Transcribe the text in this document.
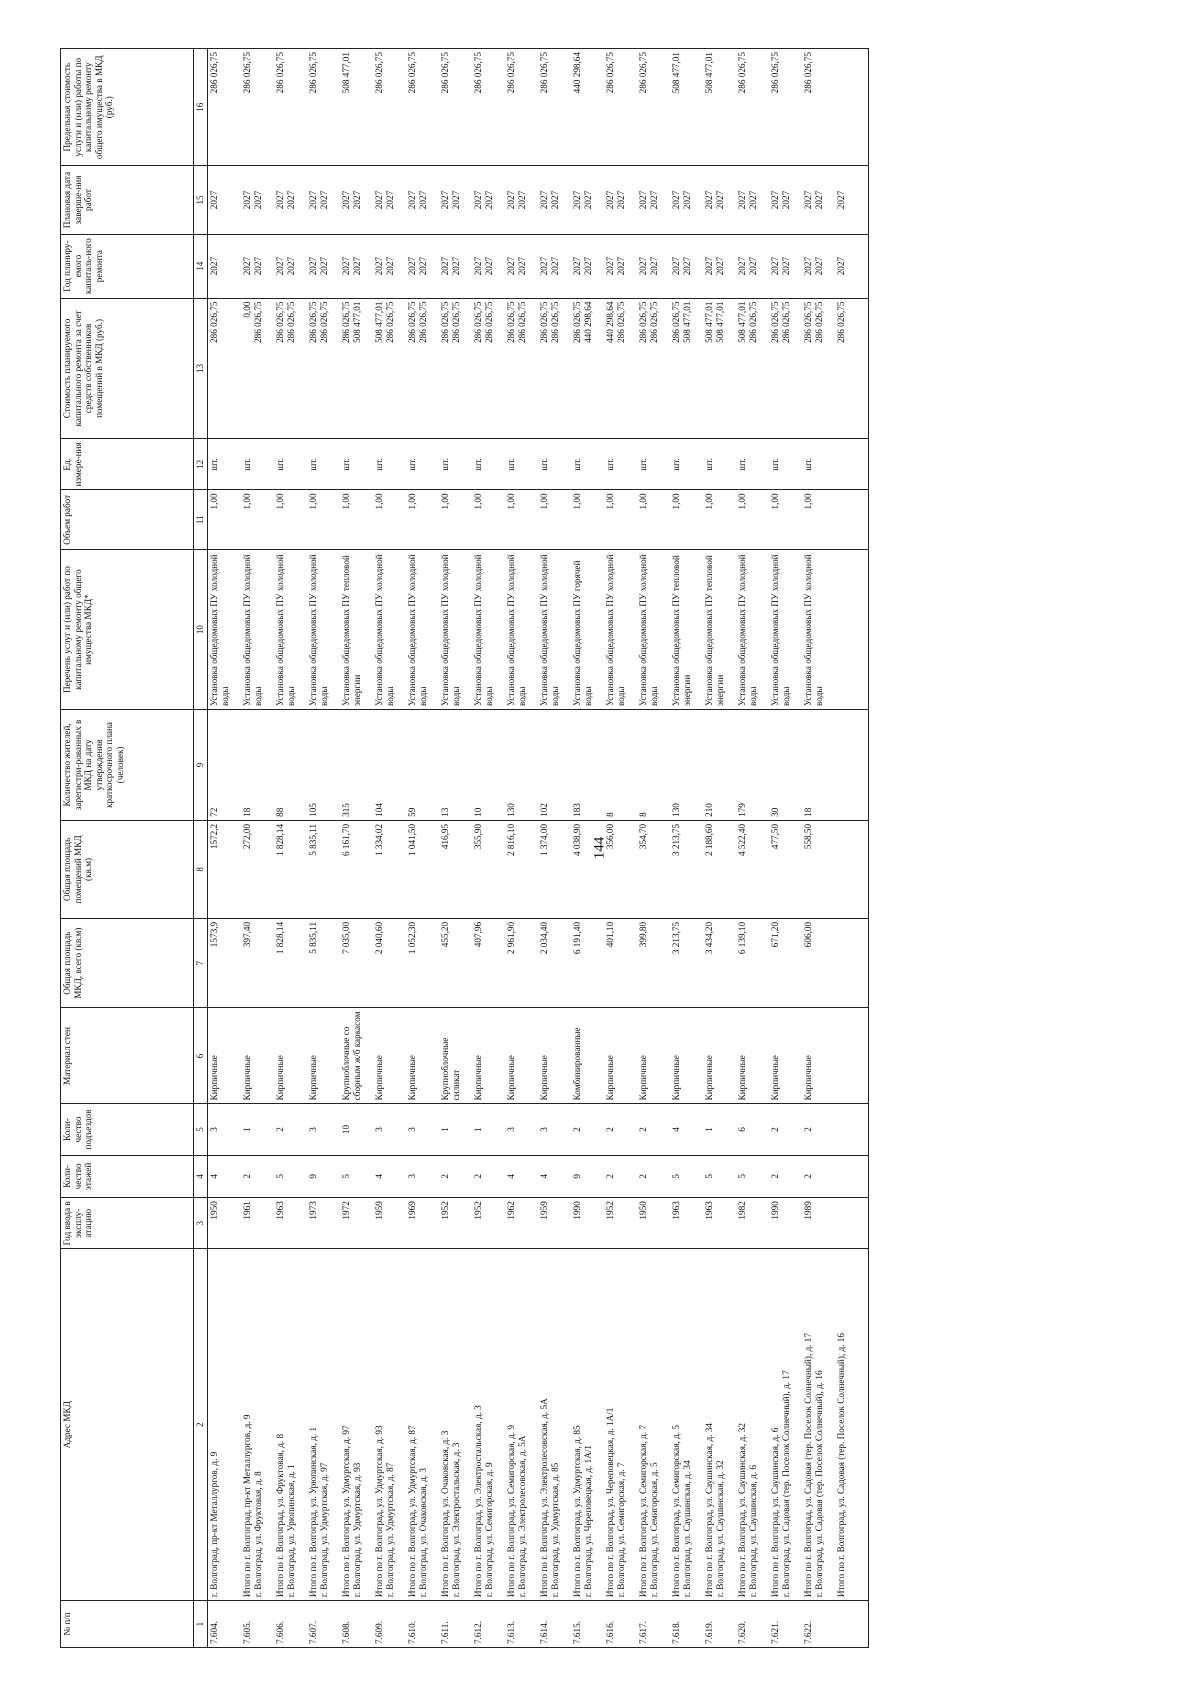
144
№ п/п	Адрес МКД	Год ввода в эксплу-атацию	Коли-чество этажей	Коли-чество подъездов	Материал стен	Общая площадь МКД, всего (кв.м)	Общая площадь помещений МКД (кв.м)	Количество жителей, зарегистри-рованных в МКД на дату утверждения краткосрочного плана (человек)	Перечень услуг и (или) работ по капитальному ремонту общего имущества МКД*	Объем работ	Ед. измере-ния	Стоимость планируемого капитального ремонта за счет средств собственников помещений в МКД (руб.)	Год планиру-емого капиталь-ного ремонта	Плановая дата заверше-ния работ	Предельная стоимость услуги и (или) работы по капитальному ремонту общего имущества в МКД (руб.)
1	2	3	4	5	6	7	8	9	10	11	12	13	14	15	16
7.604.	г. Волгоград, пр-кт Металлургов, д. 9	1950	4	3	Кирпичные	1573,9	1572,2	72	Установка общедомовых ПУ холодной воды	1,00	шт.	286 026,75	2027	2027	286 026,75
7.605.	Итого по г. Волгоград, пр-кт Металлургов, д. 9 г. Волгоград, ул. Фруктовая, д. 8	1961	2	1	Кирпичные	397,40	272,00	18	Установка общедомовых ПУ холодной воды	1,00	шт.	0,00 286 026,75	2027 2027	2027 2027	286 026,75
7.606.	Итого по г. Волгоград, ул. Фруктовая, д. 8 г. Волгоград, ул. Урюпинская, д. 1	1963	5	2	Кирпичные	1 828,14	1 828,14	88	Установка общедомовых ПУ холодной воды	1,00	шт.	286 026,75 286 026,75	2027 2027	2027 2027	286 026,75
7.607.	Итого по г. Волгоград, ул. Урюпинская, д. 1 г. Волгоград, ул. Удмуртская, д. 97	1973	9	3	Кирпичные	5 835,11	5 835,11	105	Установка общедомовых ПУ холодной воды	1,00	шт.	286 026,75 286 026,75	2027 2027	2027 2027	286 026,75
7.608.	Итого по г. Волгоград, ул. Удмуртская, д. 97 г. Волгоград, ул. Удмуртская, д. 93	1972	5	10	Крупноблочные со сборным ж/б каркасом	7 035,00	6 161,70	315	Установка общедомовых ПУ тепловой энергии	1,00	шт.	286 026,75 508 477,01	2027 2027	2027 2027	508 477,01
7.609.	Итого по г. Волгоград, ул. Удмуртская, д. 93 г. Волгоград, ул. Удмуртская, д. 87	1959	4	3	Кирпичные	2 040,60	1 334,02	104	Установка общедомовых ПУ холодной воды	1,00	шт.	508 477,01 286 026,75	2027 2027	2027 2027	286 026,75
7.610.	Итого по г. Волгоград, ул. Удмуртская, д. 87 г. Волгоград, ул. Очаковская, д. 3	1969	3	3	Кирпичные	1 052,30	1 041,50	59	Установка общедомовых ПУ холодной воды	1,00	шт.	286 026,75 286 026,75	2027 2027	2027 2027	286 026,75
7.611.	Итого по г. Волгоград, ул. Очаковская, д. 3 г. Волгоград, ул. Электростальская, д. 3	1952	2	1	Крупноблочные силикат	455,20	416,95	13	Установка общедомовых ПУ холодной воды	1,00	шт.	286 026,75 286 026,75	2027 2027	2027 2027	286 026,75
7.612.	Итого по г. Волгоград, ул. Электростальская, д. 3 г. Волгоград, ул. Семигорская, д. 9	1952	2	1	Кирпичные	407,96	355,90	10	Установка общедомовых ПУ холодной воды	1,00	шт.	286 026,75 286 026,75	2027 2027	2027 2027	286 026,75
7.613.	Итого по г. Волгоград, ул. Семигорская, д. 9 г. Волгоград, ул. Электролесовская, д. 5А	1962	4	3	Кирпичные	2 961,90	2 816,10	130	Установка общедомовых ПУ холодной воды	1,00	шт.	286 026,75 286 026,75	2027 2027	2027 2027	286 026,75
7.614.	Итого по г. Волгоград, ул. Электролесовская, д. 5А г. Волгоград, ул. Удмуртская, д. 85	1959	4	3	Кирпичные	2 034,40	1 374,00	102	Установка общедомовых ПУ холодной воды	1,00	шт.	286 026,75 286 026,75	2027 2027	2027 2027	286 026,75
7.615.	Итого по г. Волгоград, ул. Удмуртская, д. 85 г. Волгоград, ул. Череповецкая, д. 1А/1	1990	9	2	Комбинированные	6 191,40	4 038,90	183	Установка общедомовых ПУ горячей воды	1,00	шт.	286 026,75 440 298,64	2027 2027	2027 2027	440 298,64
7.616.	Итого по г. Волгоград, ул. Череповецкая, д. 1А/1 г. Волгоград, ул. Семигорская, д. 7	1952	2	2	Кирпичные	401,10	356,00	8	Установка общедомовых ПУ холодной воды	1,00	шт.	440 298,64 286 026,75	2027 2027	2027 2027	286 026,75
7.617.	Итого по г. Волгоград, ул. Семигорская, д. 7 г. Волгоград, ул. Семигорская, д. 5	1950	2	2	Кирпичные	399,80	354,70	8	Установка общедомовых ПУ холодной воды	1,00	шт.	286 026,75 286 026,75	2027 2027	2027 2027	286 026,75
7.618.	Итого по г. Волгоград, ул. Семигорская, д. 5 г. Волгоград, ул. Саушинская, д. 34	1963	5	4	Кирпичные	3 213,75	3 213,75	130	Установка общедомовых ПУ тепловой энергии	1,00	шт.	286 026,75 508 477,01	2027 2027	2027 2027	508 477,01
7.619.	Итого по г. Волгоград, ул. Саушинская, д. 34 г. Волгоград, ул. Саушинская, д. 32	1963	5	1	Кирпичные	3 434,20	2 188,60	210	Установка общедомовых ПУ тепловой энергии	1,00	шт.	508 477,01 508 477,01	2027 2027	2027 2027	508 477,01
7.620.	Итого по г. Волгоград, ул. Саушинская, д. 32 г. Волгоград, ул. Саушинская, д. 6	1982	5	6	Кирпичные	6 139,10	4 522,40	179	Установка общедомовых ПУ холодной воды	1,00	шт.	508 477,01 286 026,75	2027 2027	2027 2027	286 026,75
7.621.	Итого по г. Волгоград, ул. Саушинская, д. 6 г. Волгоград, ул. Садовая (тер. Поселок Солнечный), д. 17	1990	2	2	Кирпичные	671,20	477,50	30	Установка общедомовых ПУ холодной воды	1,00	шт.	286 026,75 286 026,75	2027 2027	2027 2027	286 026,75
7.622.	Итого по г. Волгоград, ул. Садовая (тер. Поселок Солнечный), д. 17 г. Волгоград, ул. Садовая (тер. Поселок Солнечный), д. 16	1989	2	2	Кирпичные	606,00	558,50	18	Установка общедомовых ПУ холодной воды	1,00	шт.	286 026,75 286 026,75	2027 2027	2027 2027	286 026,75

	Итого по г. Волгоград, ул. Садовая (тер. Поселок Солнечный), д. 16											286 026,75	2027	2027	
